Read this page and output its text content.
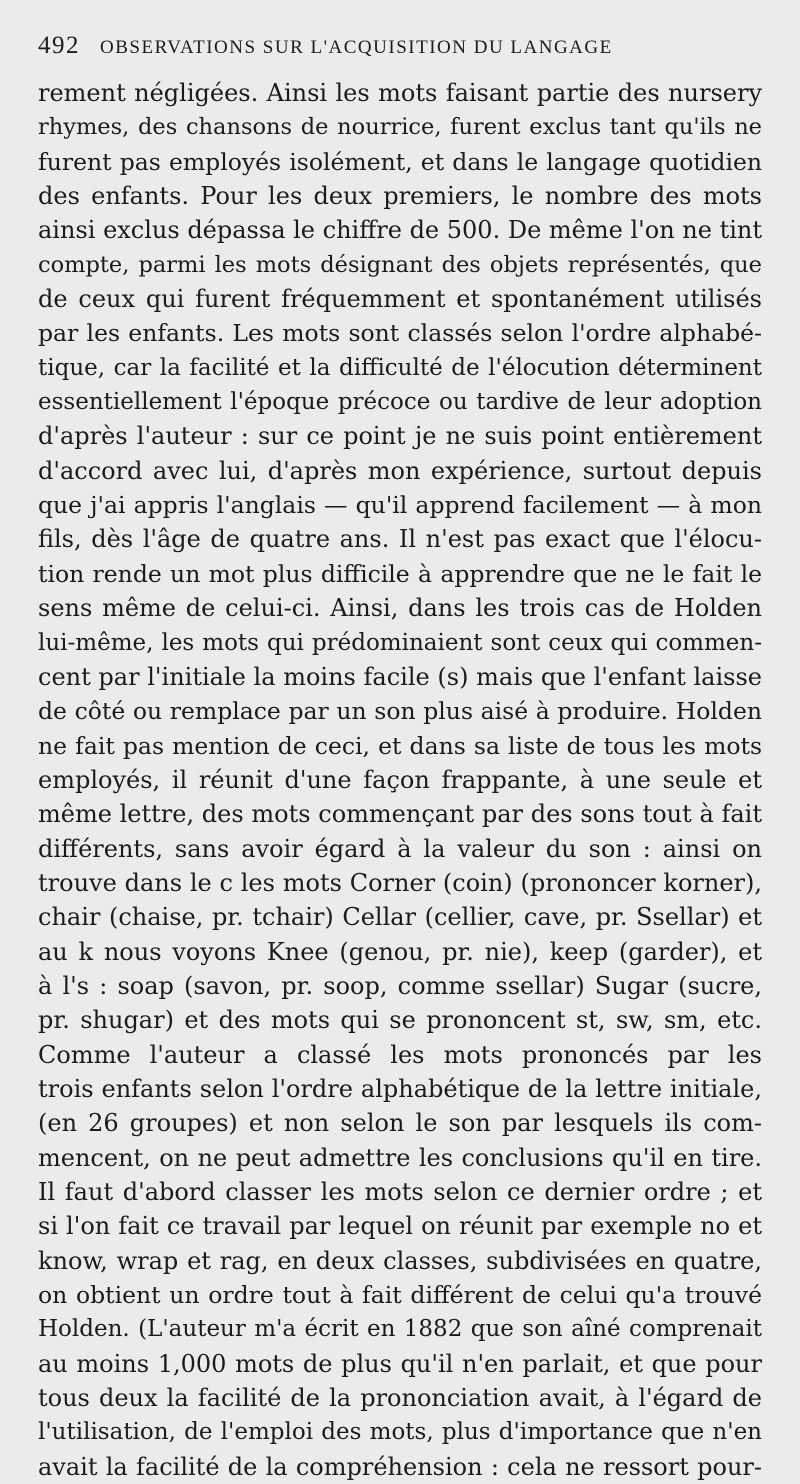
492 OBSERVATIONS SUR L'ACQUISITION DU LANGAGE
rement négligées. Ainsi les mots faisant partie des nursery
rhymes, des chansons de nourrice, furent exclus tant qu'ils ne
furent pas employés isolément, et dans le langage quotidien
des enfants. Pour les deux premiers, le nombre des mots
ainsi exclus dépassa le chiffre de 500. De même l'on ne tint
compte, parmi les mots désignant des objets représentés, que
de ceux qui furent fréquemment et spontanément utilisés
par les enfants. Les mots sont classés selon l'ordre alphabé-
tique, car la facilité et la difficulté de l'élocution déterminent
essentiellement l'époque précoce ou tardive de leur adoption
d'après l'auteur : sur ce point je ne suis point entièrement
d'accord avec lui, d'après mon expérience, surtout depuis
que j'ai appris l'anglais — qu'il apprend facilement — à mon
fils, dès l'âge de quatre ans. Il n'est pas exact que l'élocu-
tion rende un mot plus difficile à apprendre que ne le fait le
sens même de celui-ci. Ainsi, dans les trois cas de Holden
lui-même, les mots qui prédominaient sont ceux qui commen-
cent par l'initiale la moins facile (s) mais que l'enfant laisse
de côté ou remplace par un son plus aisé à produire. Holden
ne fait pas mention de ceci, et dans sa liste de tous les mots
employés, il réunit d'une façon frappante, à une seule et
même lettre, des mots commençant par des sons tout à fait
différents, sans avoir égard à la valeur du son : ainsi on
trouve dans le c les mots Corner (coin) (prononcer korner),
chair (chaise, pr. tchair) Cellar (cellier, cave, pr. Ssellar) et
au k nous voyons Knee (genou, pr. nie), keep (garder), et
à l's : soap (savon, pr. soop, comme ssellar) Sugar (sucre,
pr. shugar) et des mots qui se prononcent st, sw, sm, etc.
Comme l'auteur a classé les mots prononcés par les
trois enfants selon l'ordre alphabétique de la lettre initiale,
(en 26 groupes) et non selon le son par lesquels ils com-
mencent, on ne peut admettre les conclusions qu'il en tire.
Il faut d'abord classer les mots selon ce dernier ordre ; et
si l'on fait ce travail par lequel on réunit par exemple no et
know, wrap et rag, en deux classes, subdivisées en quatre,
on obtient un ordre tout à fait différent de celui qu'a trouvé
Holden. (L'auteur m'a écrit en 1882 que son aîné comprenait
au moins 1,000 mots de plus qu'il n'en parlait, et que pour
tous deux la facilité de la prononciation avait, à l'égard de
l'utilisation, de l'emploi des mots, plus d'importance que n'en
avait la facilité de la compréhension : cela ne ressort pour-
